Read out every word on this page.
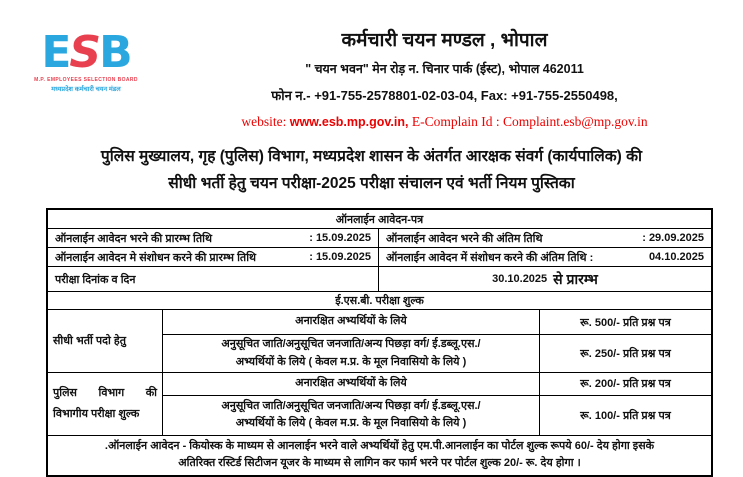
ESB
M.P. EMPLOYEES SELECTION BOARD
मध्यप्रदेश कर्मचारी चयन मंडल
कर्मचारी चयन मण्डल , भोपाल
" चयन भवन" मेन रोड़ न. चिनार पार्क (ईस्ट), भोपाल 462011
फोन न.- +91-755-2578801-02-03-04, Fax: +91-755-2550498,
website: www.esb.mp.gov.in, E-Complain Id : Complaint.esb@mp.gov.in
पुलिस मुख्यालय, गृह (पुलिस) विभाग, मध्यप्रदेश शासन के अंतर्गत आरक्षक संवर्ग (कार्यपालिक) की
सीधी भर्ती हेतु चयन परीक्षा-2025 परीक्षा संचालन एवं भर्ती नियम पुस्तिका
ऑनलाईन आवेदन-पत्र
ऑनलाईन आवेदन भरने की प्रारम्भ तिथि	: 15.09.2025 ऑनलाईन आवेदन भरने की अंतिम तिथि	: 29.09.2025
ऑनलाईन आवेदन मे संशोधन करने की प्रारम्भ तिथि	: 15.09.2025 ऑनलाईन आवेदन में संशोधन करने की अंतिम तिथि :	04.10.2025
परीक्षा दिनांक व दिन	30.10.2025 से प्रारम्भ
ई.एस.बी. परीक्षा शुल्क
सीधी भर्ती पदो हेतु
अनारक्षित अभ्यर्थियों के लिये	रू. 500/- प्रति प्रश्न पत्र
अनुसूचित जाति/अनुसूचित जनजाति/अन्य पिछड़ा वर्ग/ ई.डब्लू.एस./
अभ्यर्थियों के लिये ( केवल म.प्र. के मूल निवासियो के लिये )
रू. 250/- प्रति प्रश्न पत्र
पुलिस विभाग की विभागीय परीक्षा शुल्क
अनारक्षित अभ्यर्थियों के लिये	रू. 200/- प्रति प्रश्न पत्र
अनुसूचित जाति/अनुसूचित जनजाति/अन्य पिछड़ा वर्ग/ ई.डब्लू.एस./
अभ्यर्थियों के लिये ( केवल म.प्र. के मूल निवासियो के लिये )
रू. 100/- प्रति प्रश्न पत्र
.ऑनलाईन आवेदन - कियोस्क के माध्यम से आनलाईन भरने वाले अभ्यर्थियों हेतु एम.पी.आनलाईन का पोर्टल शुल्क रूपये 60/- देय होगा इसके
अतिरिक्त रस्टिर्ड सिटीजन यूजर के माध्यम से लागिन कर फार्म भरने पर पोर्टल शुल्क 20/- रू. देय होगा ।
